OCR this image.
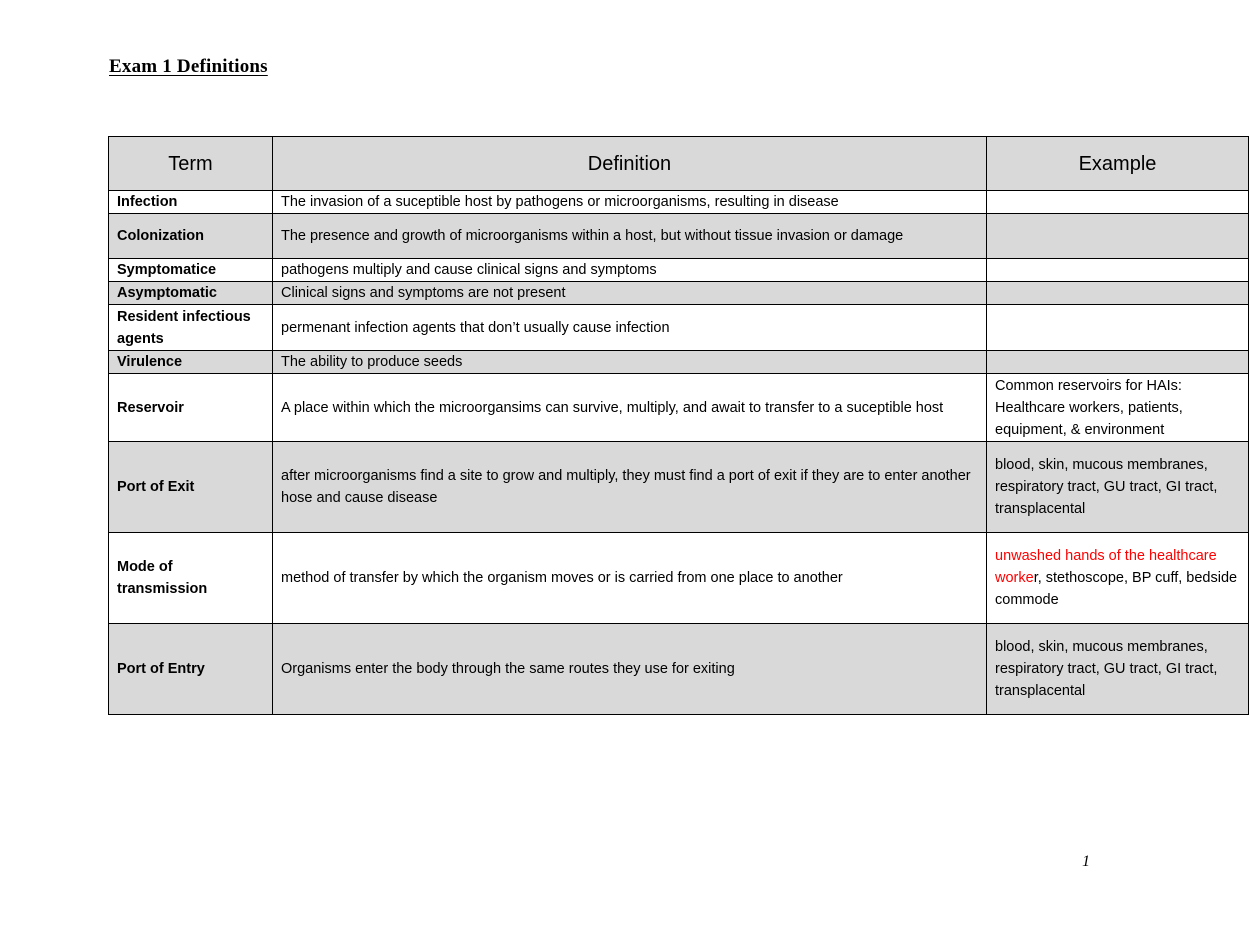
Exam 1 Definitions
Term	Definition	Example
Infection	The invasion of a suceptible host by pathogens or microorganisms, resulting in disease	
Colonization	The presence and growth of microorganisms within a host, but without tissue invasion or damage	
Symptomatice	pathogens multiply and cause clinical signs and symptoms	
Asymptomatic	Clinical signs and symptoms are not present	
Resident infectious agents	permenant infection agents that don’t usually cause infection	
Virulence	The ability to produce seeds	
Reservoir	A place within which the microorgansims can survive, multiply, and await to transfer to a suceptible host	Common reservoirs for HAIs: Healthcare workers, patients, equipment, & environment
Port of Exit	after microorganisms find a site to grow and multiply, they must find a port of exit if they are to enter another hose and cause disease	blood, skin, mucous membranes, respiratory tract, GU tract, GI tract, transplacental
Mode of transmission	method of transfer by which the organism moves or is carried from one place to another	unwashed hands of the healthcare worker, stethoscope, BP cuff, bedside commode
Port of Entry	Organisms enter the body through the same routes they use for exiting	blood, skin, mucous membranes, respiratory tract, GU tract, GI tract, transplacental
1
